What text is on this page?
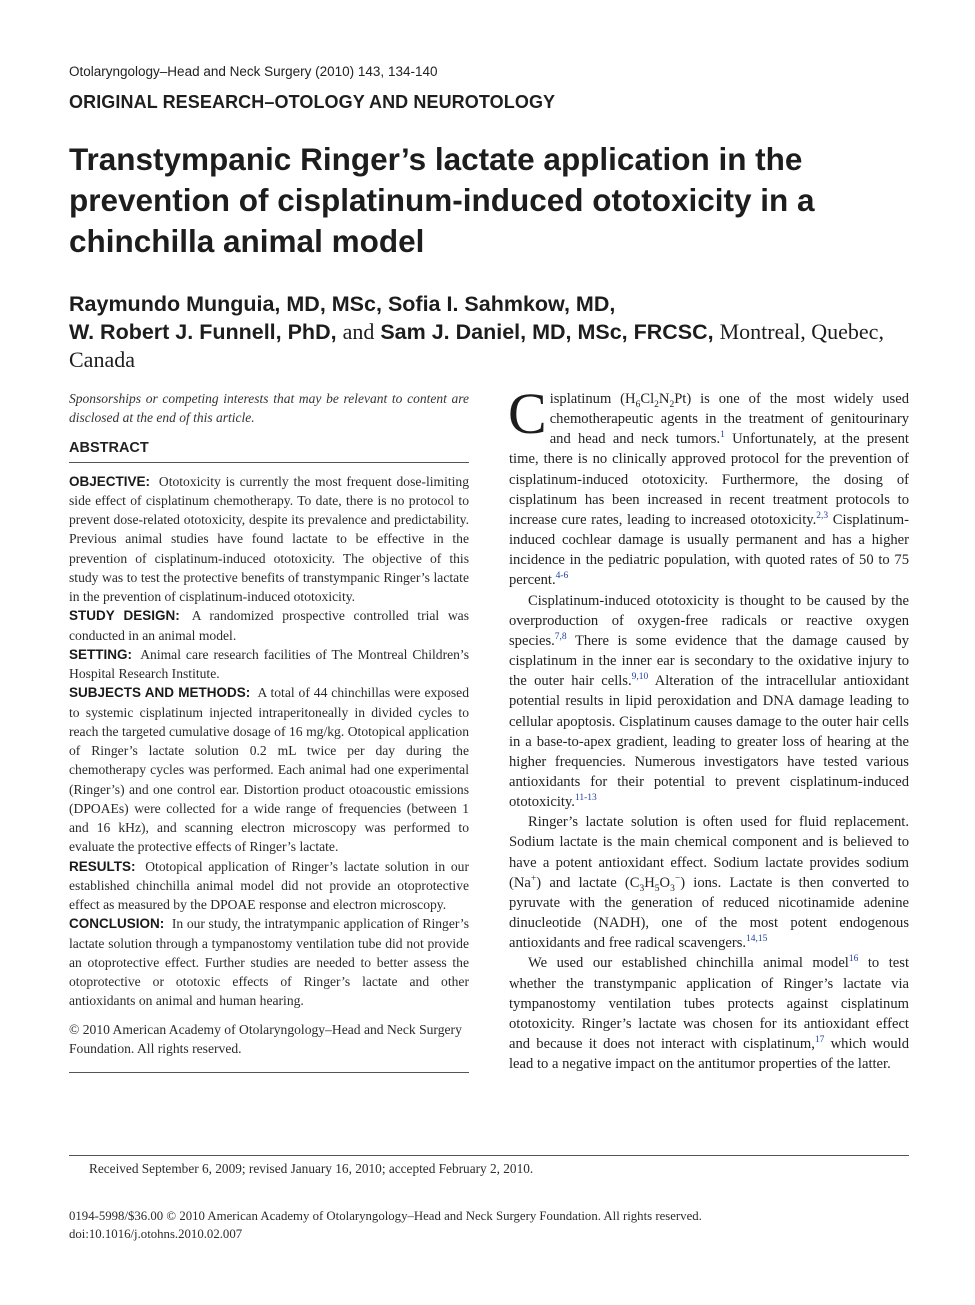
Otolaryngology–Head and Neck Surgery (2010) 143, 134-140
ORIGINAL RESEARCH–OTOLOGY AND NEUROTOLOGY
Transtympanic Ringer’s lactate application in the prevention of cisplatinum-induced ototoxicity in a chinchilla animal model
Raymundo Munguia, MD, MSc, Sofia I. Sahmkow, MD,
W. Robert J. Funnell, PhD, and Sam J. Daniel, MD, MSc, FRCSC, Montreal, Quebec, Canada

Sponsorships or competing interests that may be relevant to content are disclosed at the end of this article.

ABSTRACT

OBJECTIVE: Ototoxicity is currently the most frequent dose-limiting side effect of cisplatinum chemotherapy. To date, there is no protocol to prevent dose-related ototoxicity, despite its prevalence and predictability. Previous animal studies have found lactate to be effective in the prevention of cisplatinum-induced ototoxicity. The objective of this study was to test the protective benefits of transtympanic Ringer’s lactate in the prevention of cisplatinum-induced ototoxicity.

STUDY DESIGN: A randomized prospective controlled trial was conducted in an animal model.

SETTING: Animal care research facilities of The Montreal Children’s Hospital Research Institute.

SUBJECTS AND METHODS: A total of 44 chinchillas were exposed to systemic cisplatinum injected intraperitoneally in divided cycles to reach the targeted cumulative dosage of 16 mg/kg. Ototopical application of Ringer’s lactate solution 0.2 mL twice per day during the chemotherapy cycles was performed. Each animal had one experimental (Ringer’s) and one control ear. Distortion product otoacoustic emissions (DPOAEs) were collected for a wide range of frequencies (between 1 and 16 kHz), and scanning electron microscopy was performed to evaluate the protective effects of Ringer’s lactate.

RESULTS: Ototopical application of Ringer’s lactate solution in our established chinchilla animal model did not provide an otoprotective effect as measured by the DPOAE response and electron microscopy.

CONCLUSION: In our study, the intratympanic application of Ringer’s lactate solution through a tympanostomy ventilation tube did not provide an otoprotective effect. Further studies are needed to better assess the otoprotective or ototoxic effects of Ringer’s lactate and other antioxidants on animal and human hearing.

© 2010 American Academy of Otolaryngology–Head and Neck Surgery Foundation. All rights reserved.

Cisplatinum $(H_6Cl_2N_2Pt)$ is one of the most widely used chemotherapeutic agents in the treatment of genitourinary and head and neck tumors.$^1$ Unfortunately, at the present time, there is no clinically approved protocol for the prevention of cisplatinum-induced ototoxicity. Furthermore, the dosing of cisplatinum has been increased in recent treatment protocols to increase cure rates, leading to increased ototoxicity.$^{2,3}$ Cisplatinum-induced cochlear damage is usually permanent and has a higher incidence in the pediatric population, with quoted rates of 50 to 75 percent.$^{4-6}$

Cisplatinum-induced ototoxicity is thought to be caused by the overproduction of oxygen-free radicals or reactive oxygen species.$^{7,8}$ There is some evidence that the damage caused by cisplatinum in the inner ear is secondary to the oxidative injury to the outer hair cells.$^{9,10}$ Alteration of the intracellular antioxidant potential results in lipid peroxidation and DNA damage leading to cellular apoptosis. Cisplatinum causes damage to the outer hair cells in a base-to-apex gradient, leading to greater loss of hearing at the higher frequencies. Numerous investigators have tested various antioxidants for their potential to prevent cisplatinum-induced ototoxicity.$^{11-13}$

Ringer’s lactate solution is often used for fluid replacement. Sodium lactate is the main chemical component and is believed to have a potent antioxidant effect. Sodium lactate provides sodium (Na+) and lactate $(C_3H_5O_3^-)$ ions. Lactate is then converted to pyruvate with the generation of reduced nicotinamide adenine dinucleotide (NADH), one of the most potent endogenous antioxidants and free radical scavengers.$^{14,15}$

We used our established chinchilla animal model$^{16}$ to test whether the transtympanic application of Ringer’s lactate via tympanostomy ventilation tubes protects against cisplatinum ototoxicity. Ringer’s lactate was chosen for its antioxidant effect and because it does not interact with cisplatinum,$^{17}$ which would lead to a negative impact on the antitumor properties of the latter.

Received September 6, 2009; revised January 16, 2010; accepted February 2, 2010.
0194-5998/$36.00 © 2010 American Academy of Otolaryngology–Head and Neck Surgery Foundation. All rights reserved.
doi:10.1016/j.otohns.2010.02.007
